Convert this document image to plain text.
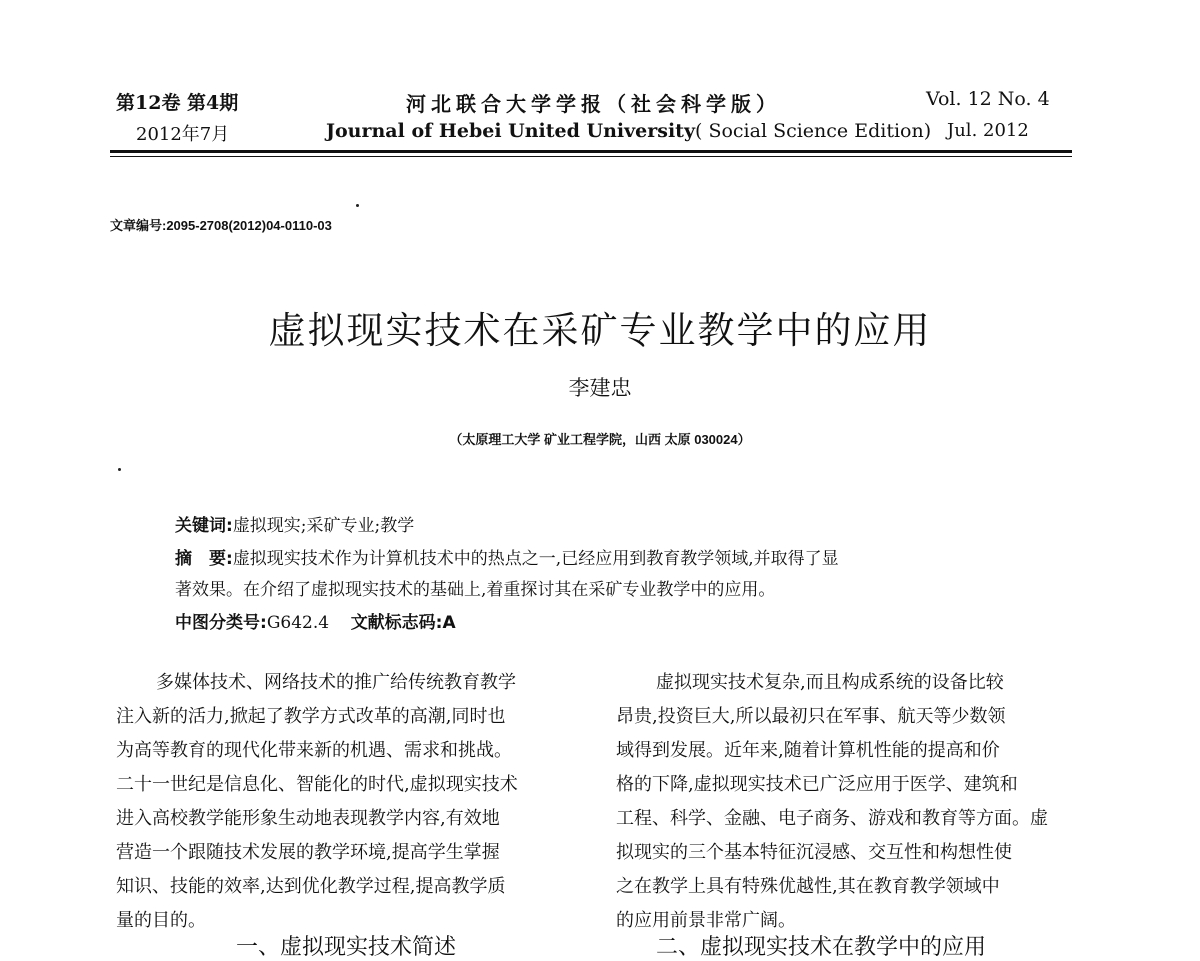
第12卷 第4期
2012年7月
河北联合大学学报（社会科学版）
Journal of Hebei United University( Social Science Edition)
Vol. 12 No. 4
Jul. 2012
文章编号:2095-2708(2012)04-0110-03
虚拟现实技术在采矿专业教学中的应用
李建忠
（太原理工大学 矿业工程学院，山西 太原 030024）
关键词:虚拟现实;采矿专业;教学
摘　要:虚拟现实技术作为计算机技术中的热点之一,已经应用到教育教学领域,并取得了显
著效果。在介绍了虚拟现实技术的基础上,着重探讨其在采矿专业教学中的应用。
中图分类号:G642.4 文献标志码:A
多媒体技术、网络技术的推广给传统教育教学
注入新的活力,掀起了教学方式改革的高潮,同时也
为高等教育的现代化带来新的机遇、需求和挑战。
二十一世纪是信息化、智能化的时代,虚拟现实技术
进入高校教学能形象生动地表现教学内容,有效地
营造一个跟随技术发展的教学环境,提高学生掌握
知识、技能的效率,达到优化教学过程,提高教学质
量的目的。
虚拟现实技术复杂,而且构成系统的设备比较
昂贵,投资巨大,所以最初只在军事、航天等少数领
域得到发展。近年来,随着计算机性能的提高和价
格的下降,虚拟现实技术已广泛应用于医学、建筑和
工程、科学、金融、电子商务、游戏和教育等方面。虚
拟现实的三个基本特征沉浸感、交互性和构想性使
之在教学上具有特殊优越性,其在教育教学领域中
的应用前景非常广阔。
一、虚拟现实技术简述	二、虚拟现实技术在教学中的应用
